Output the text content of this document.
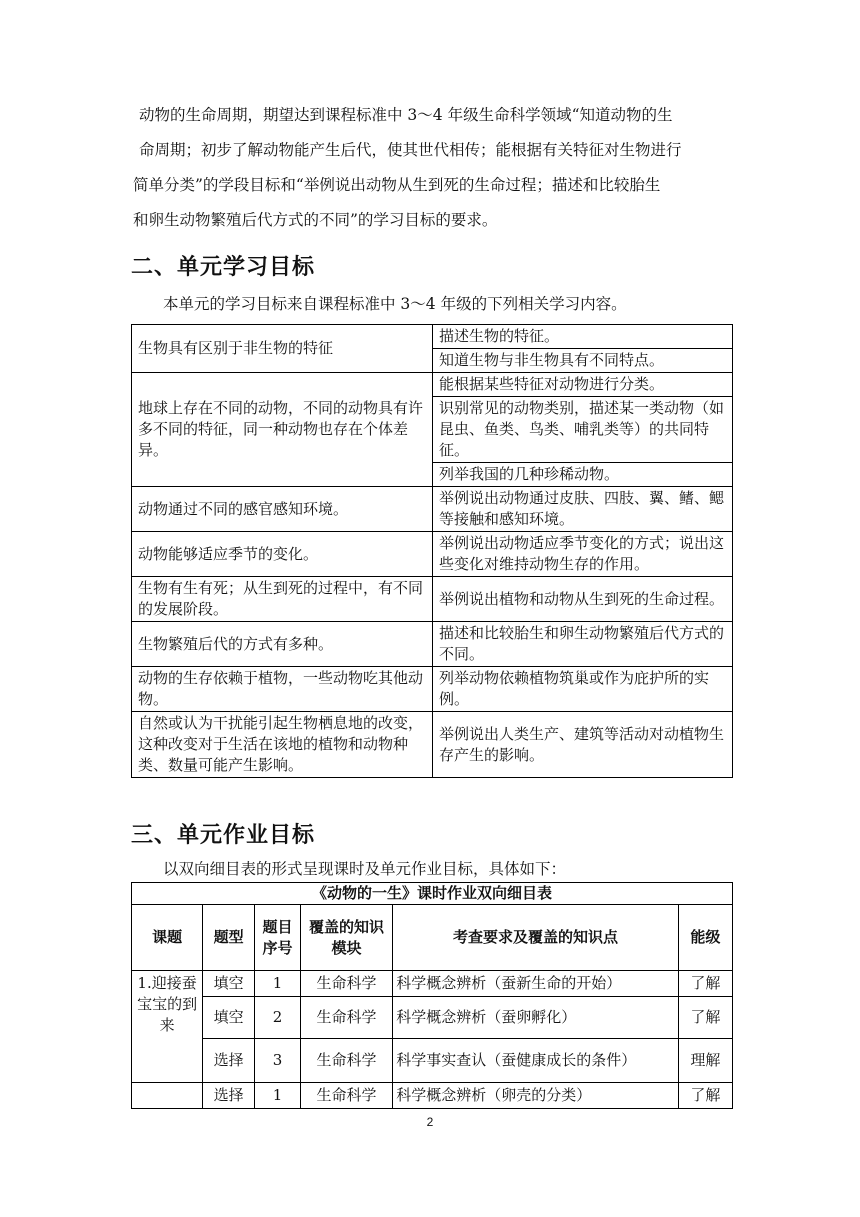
动物的生命周期，期望达到课程标准中 3～4 年级生命科学领域“知道动物的生

命周期；初步了解动物能产生后代，使其世代相传；能根据有关特征对生物进行

简单分类”的学段目标和“举例说出动物从生到死的生命过程；描述和比较胎生

和卵生动物繁殖后代方式的不同”的学习目标的要求。

二、单元学习目标
本单元的学习目标来自课程标准中 3～4 年级的下列相关学习内容。
生物具有区别于非生物的特征	描述生物的特征。
	知道生物与非生物具有不同特点。
地球上存在不同的动物，不同的动物具有许多不同的特征，同一种动物也存在个体差异。	能根据某些特征对动物进行分类。
	识别常见的动物类别，描述某一类动物（如昆虫、鱼类、鸟类、哺乳类等）的共同特征。
	列举我国的几种珍稀动物。
动物通过不同的感官感知环境。	举例说出动物通过皮肤、四肢、翼、鳍、鳃等接触和感知环境。
动物能够适应季节的变化。	举例说出动物适应季节变化的方式；说出这些变化对维持动物生存的作用。
生物有生有死；从生到死的过程中，有不同的发展阶段。	举例说出植物和动物从生到死的生命过程。
生物繁殖后代的方式有多种。	描述和比较胎生和卵生动物繁殖后代方式的不同。
动物的生存依赖于植物，一些动物吃其他动物。	列举动物依赖植物筑巢或作为庇护所的实例。
自然或认为干扰能引起生物栖息地的改变，这种改变对于生活在该地的植物和动物种类、数量可能产生影响。	举例说出人类生产、建筑等活动对动植物生存产生的影响。
三、单元作业目标
以双向细目表的形式呈现课时及单元作业目标，具体如下：
《动物的一生》课时作业双向细目表					
课题	题型	题目序号	覆盖的知识模块	考查要求及覆盖的知识点	能级
1.迎接蚕宝宝的到来	填空	1	生命科学	科学概念辨析（蚕新生命的开始）	了解
	填空	2	生命科学	科学概念辨析（蚕卵孵化）	了解
	选择	3	生命科学	科学事实查认（蚕健康成长的条件）	理解
	选择	1	生命科学	科学概念辨析（卵壳的分类）	了解
2
